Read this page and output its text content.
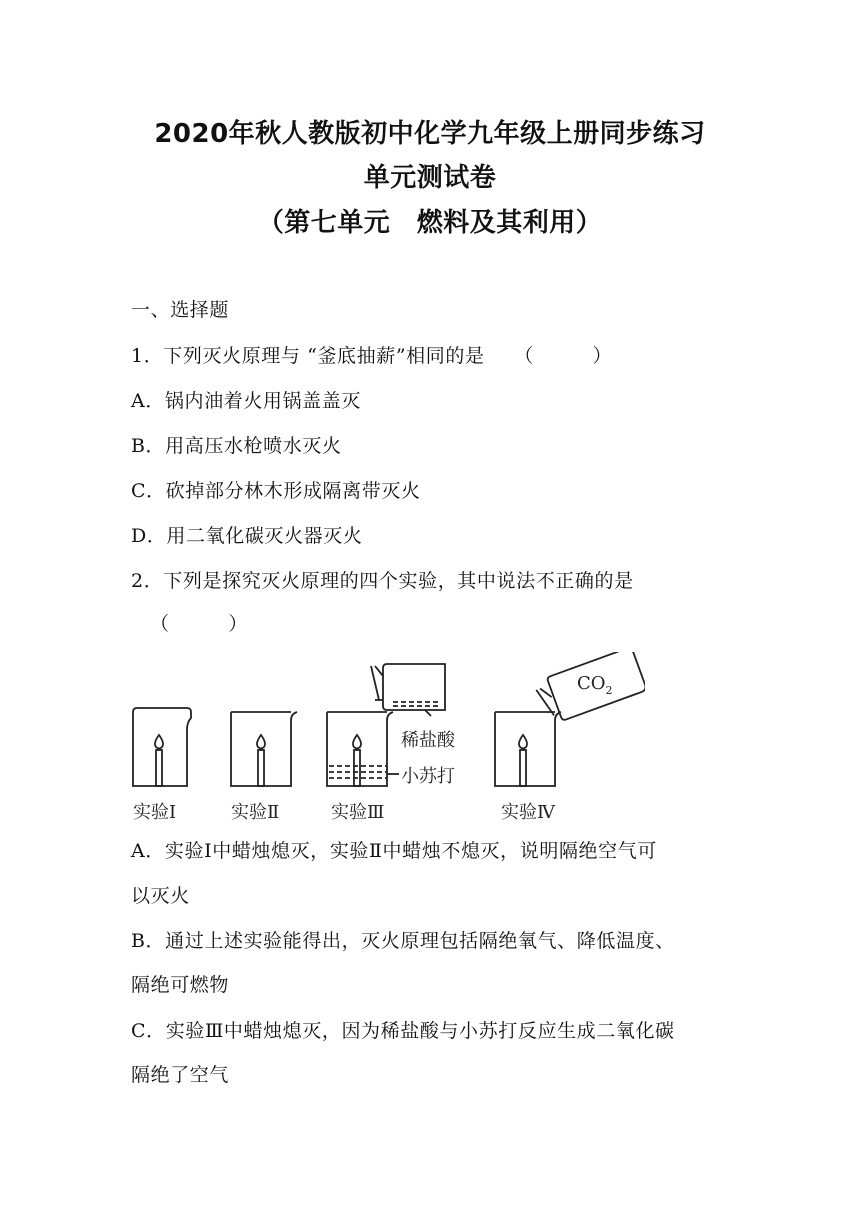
2020年秋人教版初中化学九年级上册同步练习
单元测试卷
（第七单元　燃料及其利用）
一、选择题
1．下列灭火原理与 “釜底抽薪”相同的是　　（　　　）
A．锅内油着火用锅盖盖灭
B．用高压水枪喷水灭火
C．砍掉部分林木形成隔离带灭火
D．用二氧化碳灭火器灭火
2．下列是探究灭火原理的四个实验，其中说法不正确的是
（　　　）
$CO_2$
稀盐酸
小苏打
实验Ⅰ	实验Ⅱ	实验Ⅲ	实验Ⅳ
A．实验Ⅰ中蜡烛熄灭，实验Ⅱ中蜡烛不熄灭，说明隔绝空气可
以灭火
B．通过上述实验能得出，灭火原理包括隔绝氧气、降低温度、
隔绝可燃物
C．实验Ⅲ中蜡烛熄灭，因为稀盐酸与小苏打反应生成二氧化碳
隔绝了空气
